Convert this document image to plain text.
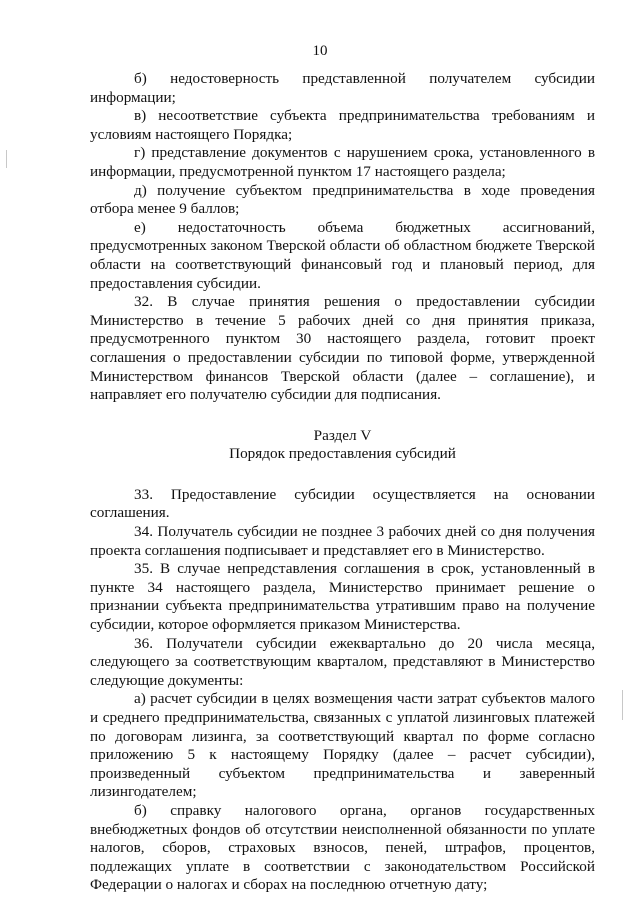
10

б) недостоверность представленной получателем субсидии информации;

в) несоответствие субъекта предпринимательства требованиям и условиям настоящего Порядка;

г) представление документов с нарушением срока, установленного в информации, предусмотренной пунктом 17 настоящего раздела;

д) получение субъектом предпринимательства в ходе проведения отбора менее 9 баллов;

е) недостаточность объема бюджетных ассигнований, предусмотренных законом Тверской области об областном бюджете Тверской области на соответствующий финансовый год и плановый период, для предоставления субсидии.

32. В случае принятия решения о предоставлении субсидии Министерство в течение 5 рабочих дней со дня принятия приказа, предусмотренного пунктом 30 настоящего раздела, готовит проект соглашения о предоставлении субсидии по типовой форме, утвержденной Министерством финансов Тверской области (далее – соглашение), и направляет его получателю субсидии для подписания.

Раздел V

Порядок предоставления субсидий

33. Предоставление субсидии осуществляется на основании соглашения.

34. Получатель субсидии не позднее 3 рабочих дней со дня получения проекта соглашения подписывает и представляет его в Министерство.

35. В случае непредставления соглашения в срок, установленный в пункте 34 настоящего раздела, Министерство принимает решение о признании субъекта предпринимательства утратившим право на получение субсидии, которое оформляется приказом Министерства.

36. Получатели субсидии ежеквартально до 20 числа месяца, следующего за соответствующим кварталом, представляют в Министерство следующие документы:

а) расчет субсидии в целях возмещения части затрат субъектов малого и среднего предпринимательства, связанных с уплатой лизинговых платежей по договорам лизинга, за соответствующий квартал по форме согласно приложению 5 к настоящему Порядку (далее – расчет субсидии), произведенный субъектом предпринимательства и заверенный лизингодателем;

б) справку налогового органа, органов государственных внебюджетных фондов об отсутствии неисполненной обязанности по уплате налогов, сборов, страховых взносов, пеней, штрафов, процентов, подлежащих уплате в соответствии с законодательством Российской Федерации о налогах и сборах на последнюю отчетную дату;
